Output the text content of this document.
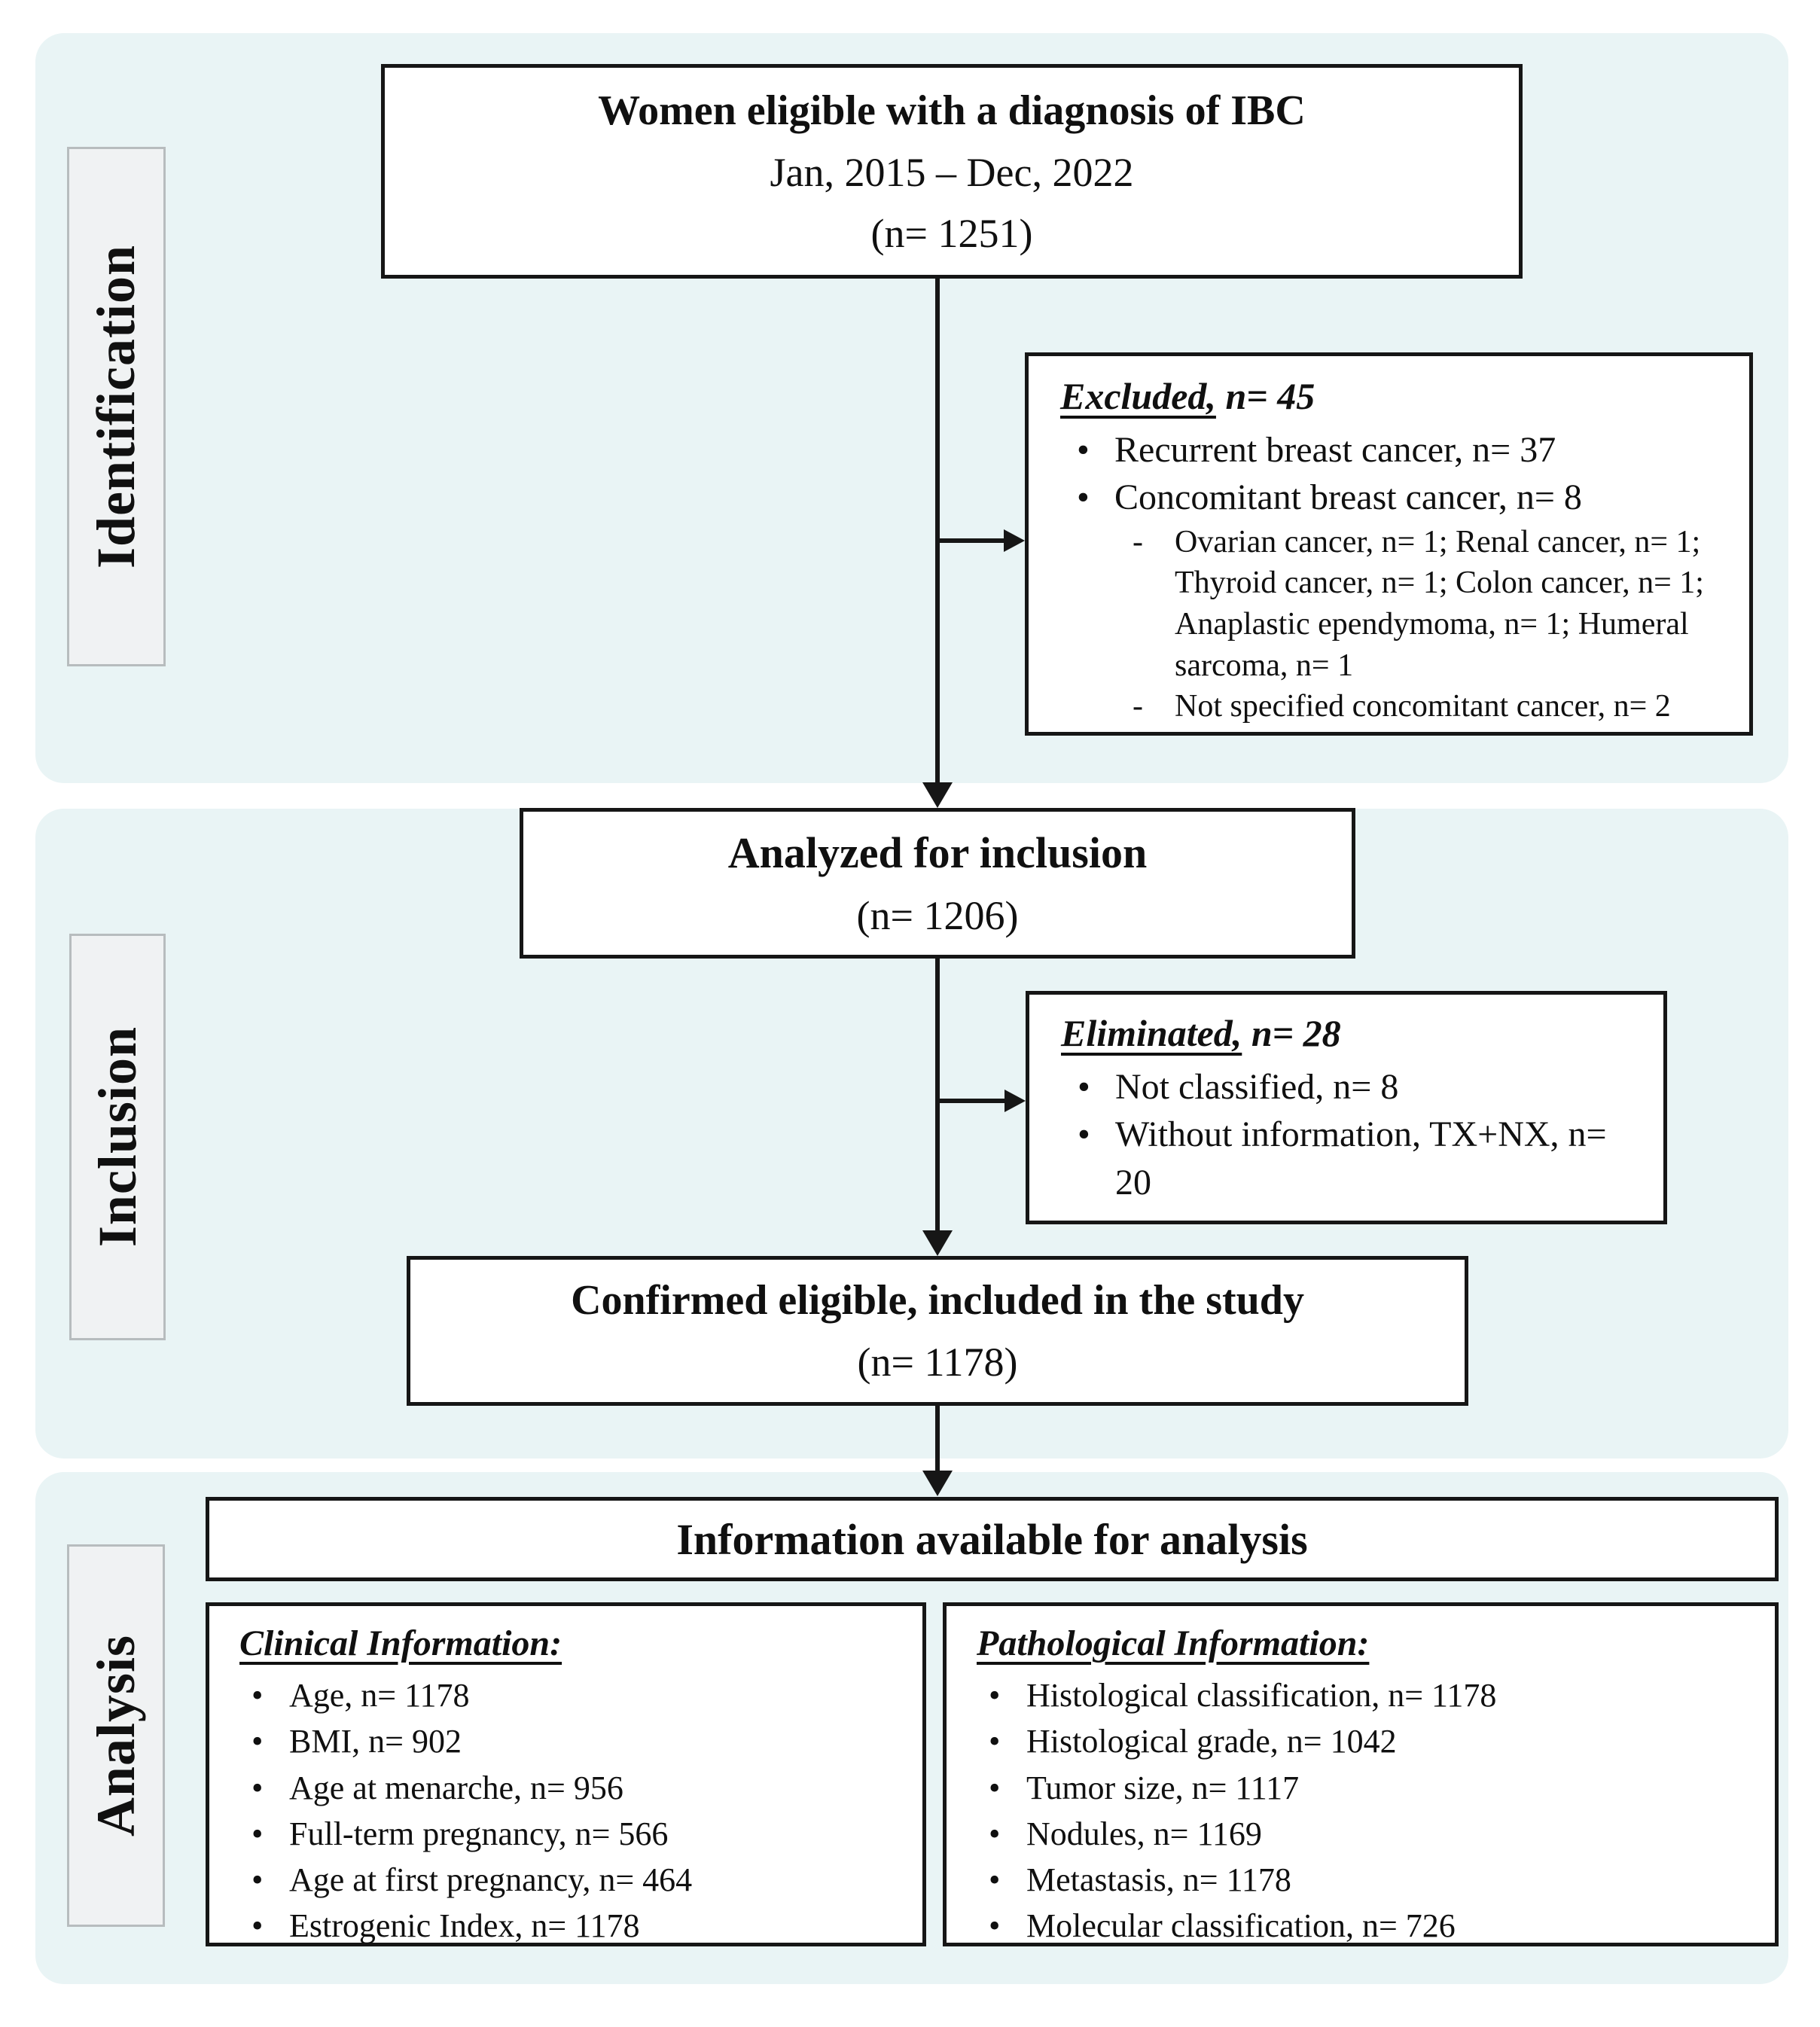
Identification
Inclusion
Analysis
Women eligible with a diagnosis of IBC
Jan, 2015 – Dec, 2022
(n= 1251)
Excluded, n= 45
• Recurrent breast cancer, n= 37
• Concomitant breast cancer, n= 8
- Ovarian cancer, n= 1; Renal cancer, n= 1; Thyroid cancer, n= 1; Colon cancer, n= 1; Anaplastic ependymoma, n= 1; Humeral sarcoma, n= 1
- Not specified concomitant cancer, n= 2
Analyzed for inclusion
(n= 1206)
Eliminated, n= 28
• Not classified, n= 8
• Without information, TX+NX, n= 20
Confirmed eligible, included in the study
(n= 1178)
Information available for analysis
Clinical Information:
• Age, n= 1178
• BMI, n= 902
• Age at menarche, n= 956
• Full-term pregnancy, n= 566
• Age at first pregnancy, n= 464
• Estrogenic Index, n= 1178
Pathological Information:
• Histological classification, n= 1178
• Histological grade, n= 1042
• Tumor size, n= 1117
• Nodules, n= 1169
• Metastasis, n= 1178
• Molecular classification, n= 726
